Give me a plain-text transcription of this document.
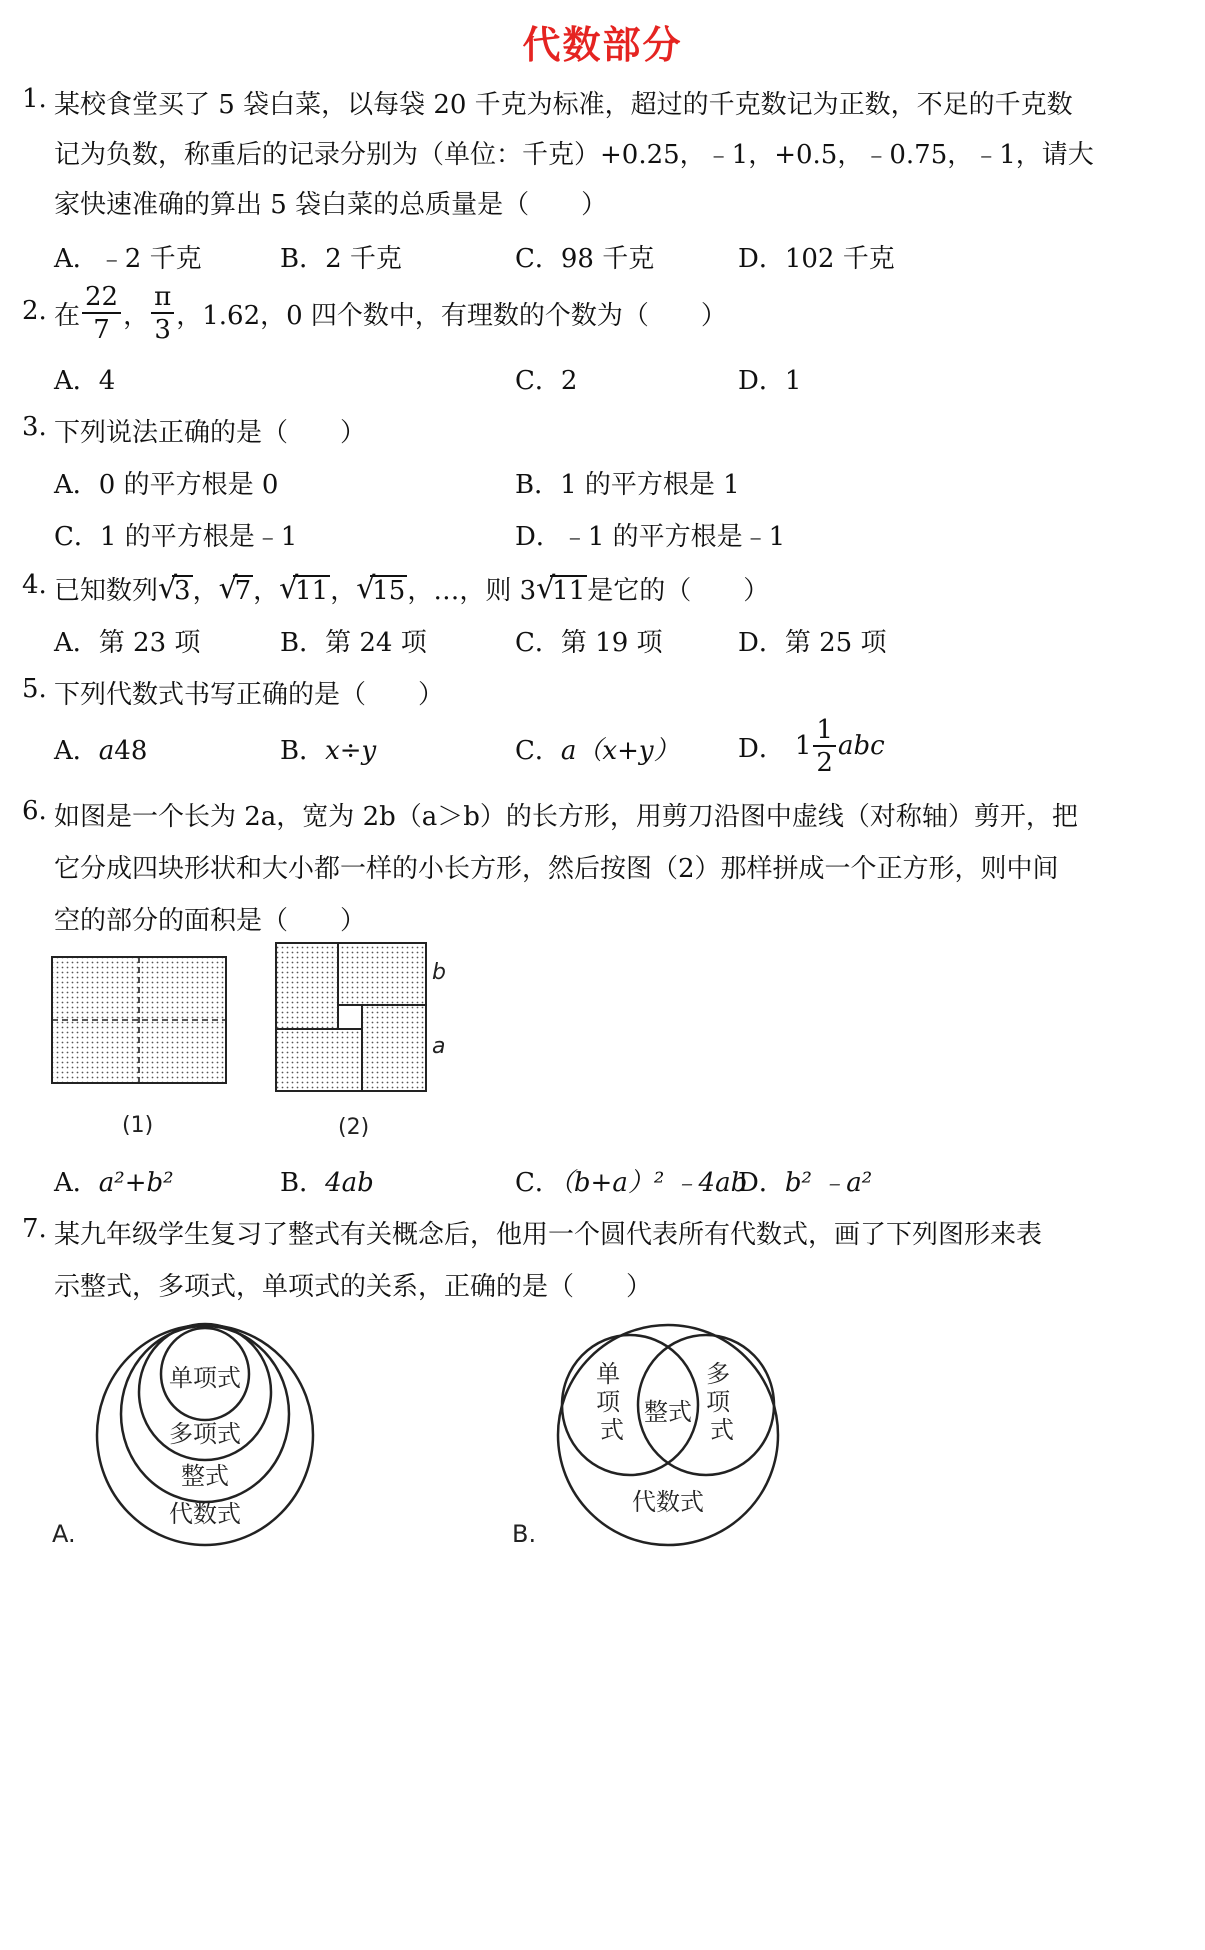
代数部分
1. 某校食堂买了 5 袋白菜，以每袋 20 千克为标准，超过的千克数记为正数，不足的千克数
记为负数，称重后的记录分别为（单位：千克）+0.25，﹣1，+0.5，﹣0.75，﹣1，请大
家快速准确的算出 5 袋白菜的总质量是（　　）
A．﹣2 千克	B．2 千克	C．98 千克	D．102 千克
2. 在 $\frac{22}{7}$ ， $\frac{\pi}{3}$ ，1.62，0 四个数中，有理数的个数为（　　）
A．4	C．2	D．1
3. 下列说法正确的是（　　）
A．0 的平方根是 0	B．1 的平方根是 1
C．1 的平方根是﹣1	D．﹣1 的平方根是﹣1
4. 已知数列 √
3， √
7， √
11， √
15，…，则 3 √
11是它的（　　）
A．第 23 项	B．第 24 项	C．第 19 项	D．第 25 项
5. 下列代数式书写正确的是（　　）
A．a48	B．x÷y	C．a（x+y） D． $1 \frac{1}{2}$ abc
6. 如图是一个长为 2a，宽为 2b（a＞b）的长方形，用剪刀沿图中虚线（对称轴）剪开，把
它分成四块形状和大小都一样的小长方形，然后按图（2）那样拼成一个正方形，则中间
空的部分的面积是（　　）
(1)
b
a
(2)
A．a²+b²	B．4ab	C．（b+a）² ﹣4ab
D．b² ﹣a²
7. 某九年级学生复习了整式有关概念后，他用一个圆代表所有代数式，画了下列图形来表
示整式，多项式，单项式的关系，正确的是（　　）
单项式
多项式
整式
代数式
A.
单 项 式
整式
多 项 式
代数式
B.
